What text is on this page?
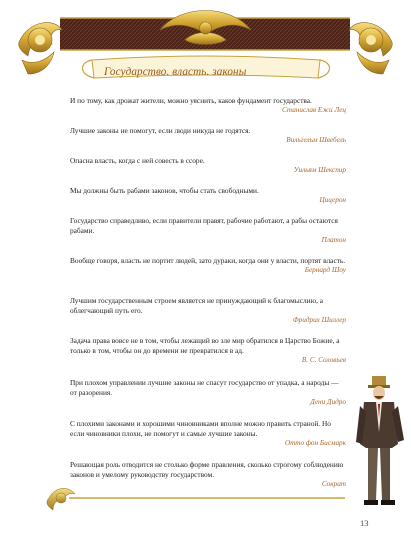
Государство. власть. законы
И по тому, как дрожат жители, можно уяснить, каков фундамент государства.
Станислав Ежи Лец
Лучшие законы не помогут, если люди никуда не годятся.
Вильгельм Швебель
Опасна власть, когда с ней совесть в ссоре.
Уильям Шекспир
Мы должны быть рабами законов, чтобы стать свободными.
Цицерон
Государство справедливо, если правители правят, рабочие работают, а рабы остаются рабами.
Платон
Вообще говоря, власть не портит людей, зато дураки, когда они у власти, портят власть.
Бернард Шоу
Лучшим государственным строем является не принуждающий к благомыслию, а облегчающий путь его.
Фридрих Шиллер
Задача права вовсе не в том, чтобы лежащий во зле мир обратился в Царство Божие, а только в том, чтобы он до времени не превратился в ад.
В. С. Соловьев
При плохом управлении лучшие законы не спасут государство от упадка, а народы — от разорения.
Дени Дидро
С плохими законами и хорошими чиновниками вполне можно править страной. Но если чиновники плохи, не помогут и самые лучшие законы.
Отто фон Бисмарк
Решающая роль отводится не столько форме правления, сколько строгому соблюдению законов и умелому руководству государством.
Сократ
13
